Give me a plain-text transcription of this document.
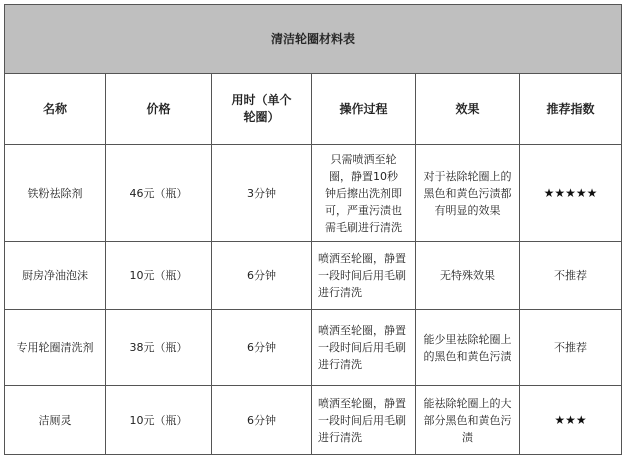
清洁轮圈材料表					
名称	价格	用时（单个轮圈）	操作过程	效果	推荐指数
铁粉祛除剂	46元（瓶）	3分钟	只需喷洒至轮圈，静置10秒钟后擦出洗剂即可，严重污渍也需毛刷进行清洗	对于祛除轮圈上的黑色和黄色污渍都有明显的效果	★★★★★
厨房净油泡沫	10元（瓶）	6分钟	喷洒至轮圈，静置一段时间后用毛刷进行清洗	无特殊效果	不推荐
专用轮圈清洗剂	38元（瓶）	6分钟	喷洒至轮圈，静置一段时间后用毛刷进行清洗	能少里祛除轮圈上的黑色和黄色污渍	不推荐
洁厕灵	10元（瓶）	6分钟	喷洒至轮圈，静置一段时间后用毛刷进行清洗	能祛除轮圈上的大部分黑色和黄色污渍	★★★
